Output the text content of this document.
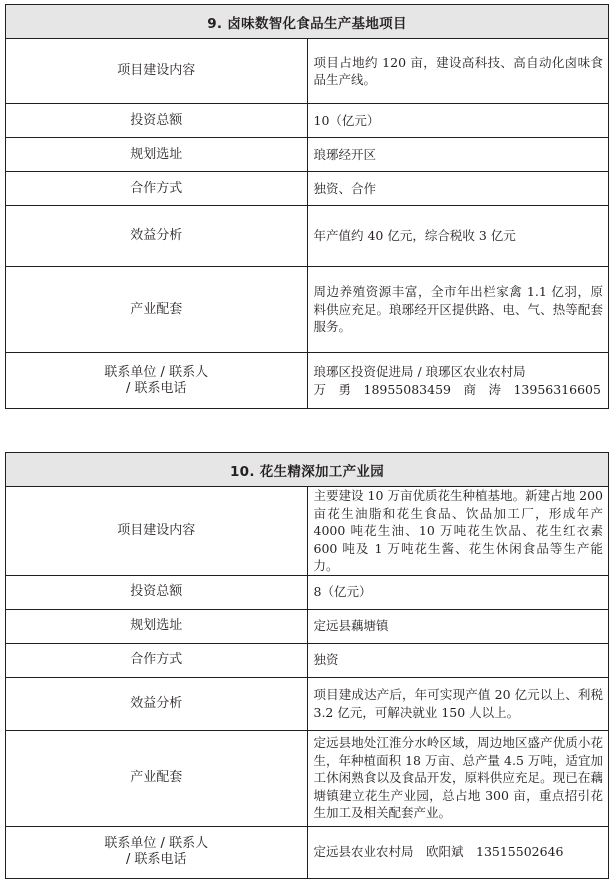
9. 卤味数智化食品生产基地项目	
项目建设内容	项目占地约 120 亩，建设高科技、高自动化卤味食品生产线。
投资总额	10（亿元）
规划选址	琅琊经开区
合作方式	独资、合作
效益分析	年产值约 40 亿元，综合税收 3 亿元
产业配套	周边养殖资源丰富，全市年出栏家禽 1.1 亿羽，原料供应充足。琅琊经开区提供路、电、气、热等配套服务。

联系单位 / 联系人
/ 联系电话	琅琊区投资促进局 / 琅琊区农业农村局
万　勇　18955083459　商　涛　13956316605
10. 花生精深加工产业园	
项目建设内容	主要建设 10 万亩优质花生种植基地。新建占地 200 亩花生油脂和花生食品、饮品加工厂，形成年产 4000 吨花生油、10 万吨花生饮品、花生红衣素 600 吨及 1 万吨花生酱、花生休闲食品等生产能力。
投资总额	8（亿元）
规划选址	定远县藕塘镇
合作方式	独资
效益分析	项目建成达产后，年可实现产值 20 亿元以上、利税 3.2 亿元，可解决就业 150 人以上。
产业配套	定远县地处江淮分水岭区域，周边地区盛产优质小花生，年种植面积 18 万亩、总产量 4.5 万吨，适宜加工休闲熟食以及食品开发，原料供应充足。现已在藕塘镇建立花生产业园，总占地 300 亩，重点招引花生加工及相关配套产业。

联系单位 / 联系人
/ 联系电话	定远县农业农村局　欧阳斌　13515502646
